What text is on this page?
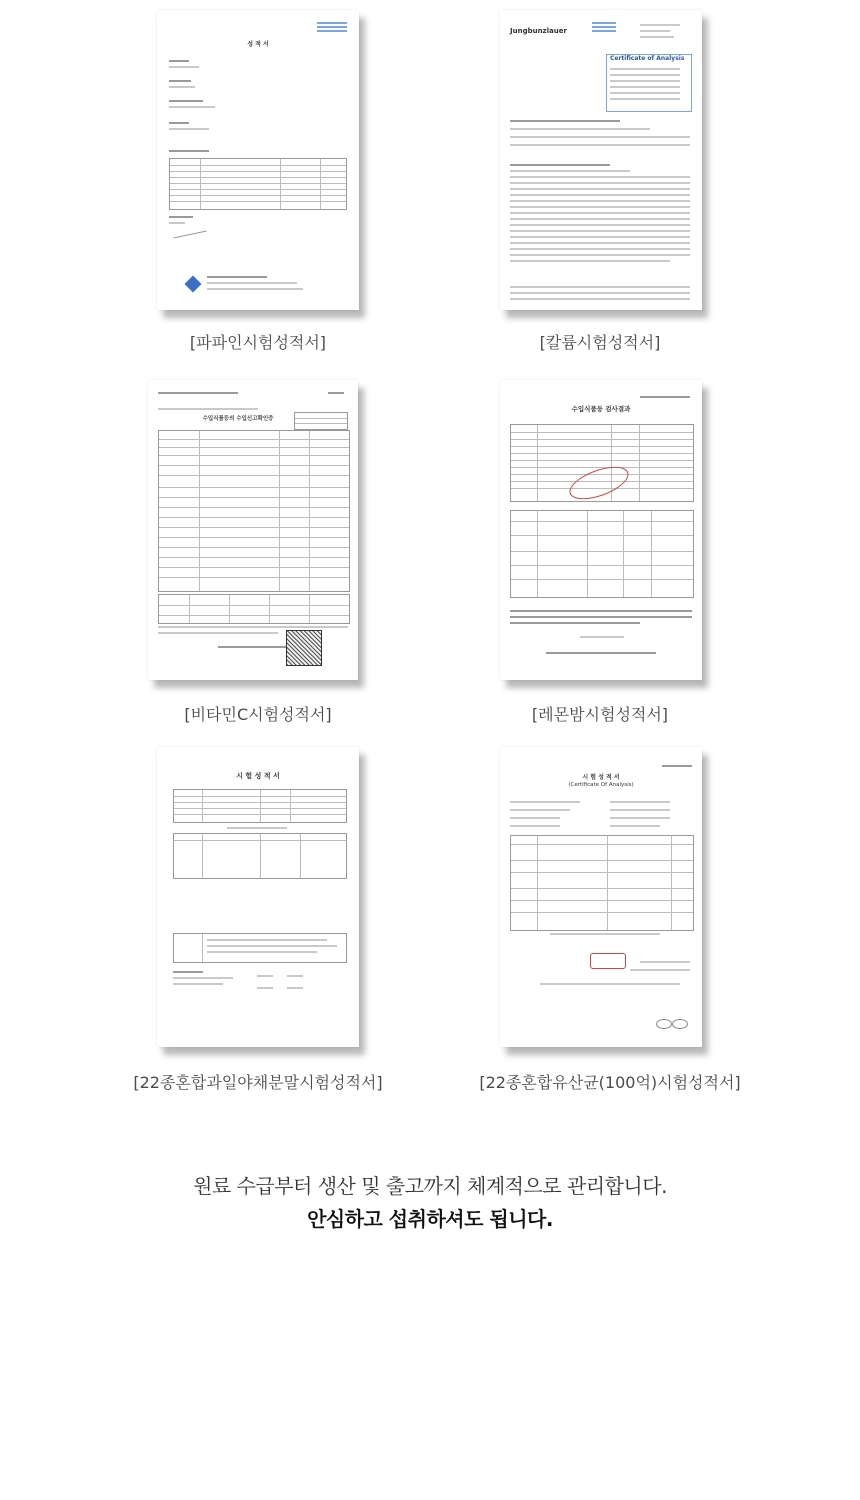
성 적 서
[파파인시험성적서]
Jungbunzlauer
Certificate of Analysis
[칼륨시험성적서]
수입식품등의 수입신고확인증
[비타민C시험성적서]
수입식품등 검사결과
[레몬밤시험성적서]
시 험 성 적 서
[22종혼합과일야채분말시험성적서]
시 험 성 적 서
(Certificate Of Analysis)
[22종혼합유산균(100억)시험성적서]
원료 수급부터 생산 및 출고까지 체계적으로 관리합니다.
안심하고 섭취하셔도 됩니다.
